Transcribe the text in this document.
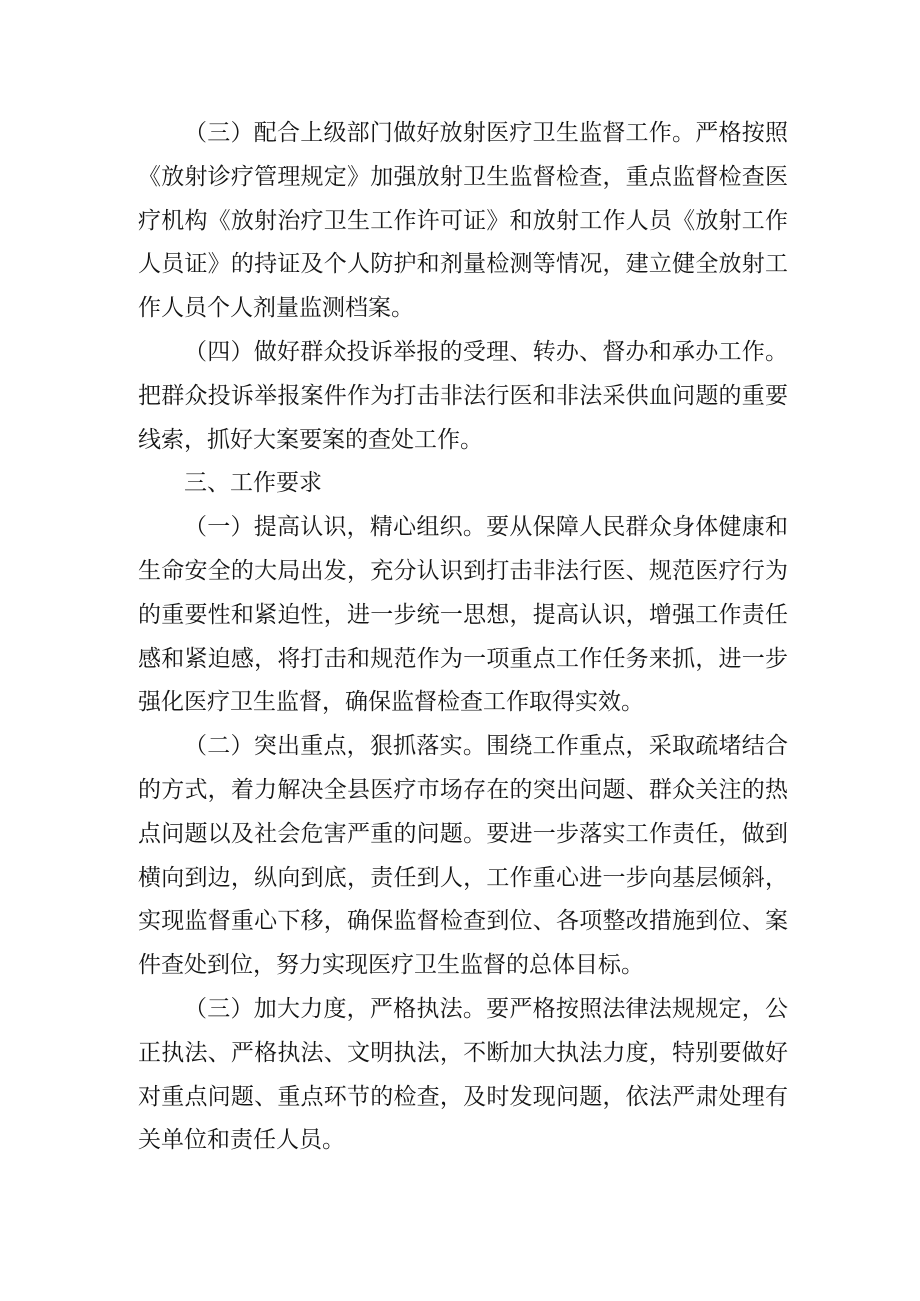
（三）配合上级部门做好放射医疗卫生监督工作。严格按照《放射诊疗管理规定》加强放射卫生监督检查，重点监督检查医疗机构《放射治疗卫生工作许可证》和放射工作人员《放射工作人员证》的持证及个人防护和剂量检测等情况，建立健全放射工作人员个人剂量监测档案。

（四）做好群众投诉举报的受理、转办、督办和承办工作。把群众投诉举报案件作为打击非法行医和非法采供血问题的重要线索，抓好大案要案的查处工作。

三、工作要求

（一）提高认识，精心组织。要从保障人民群众身体健康和生命安全的大局出发，充分认识到打击非法行医、规范医疗行为的重要性和紧迫性，进一步统一思想，提高认识，增强工作责任感和紧迫感，将打击和规范作为一项重点工作任务来抓，进一步强化医疗卫生监督，确保监督检查工作取得实效。

（二）突出重点，狠抓落实。围绕工作重点，采取疏堵结合的方式，着力解决全县医疗市场存在的突出问题、群众关注的热点问题以及社会危害严重的问题。要进一步落实工作责任，做到横向到边，纵向到底，责任到人，工作重心进一步向基层倾斜，实现监督重心下移，确保监督检查到位、各项整改措施到位、案件查处到位，努力实现医疗卫生监督的总体目标。

（三）加大力度，严格执法。要严格按照法律法规规定，公正执法、严格执法、文明执法，不断加大执法力度，特别要做好对重点问题、重点环节的检查，及时发现问题，依法严肃处理有关单位和责任人员。
